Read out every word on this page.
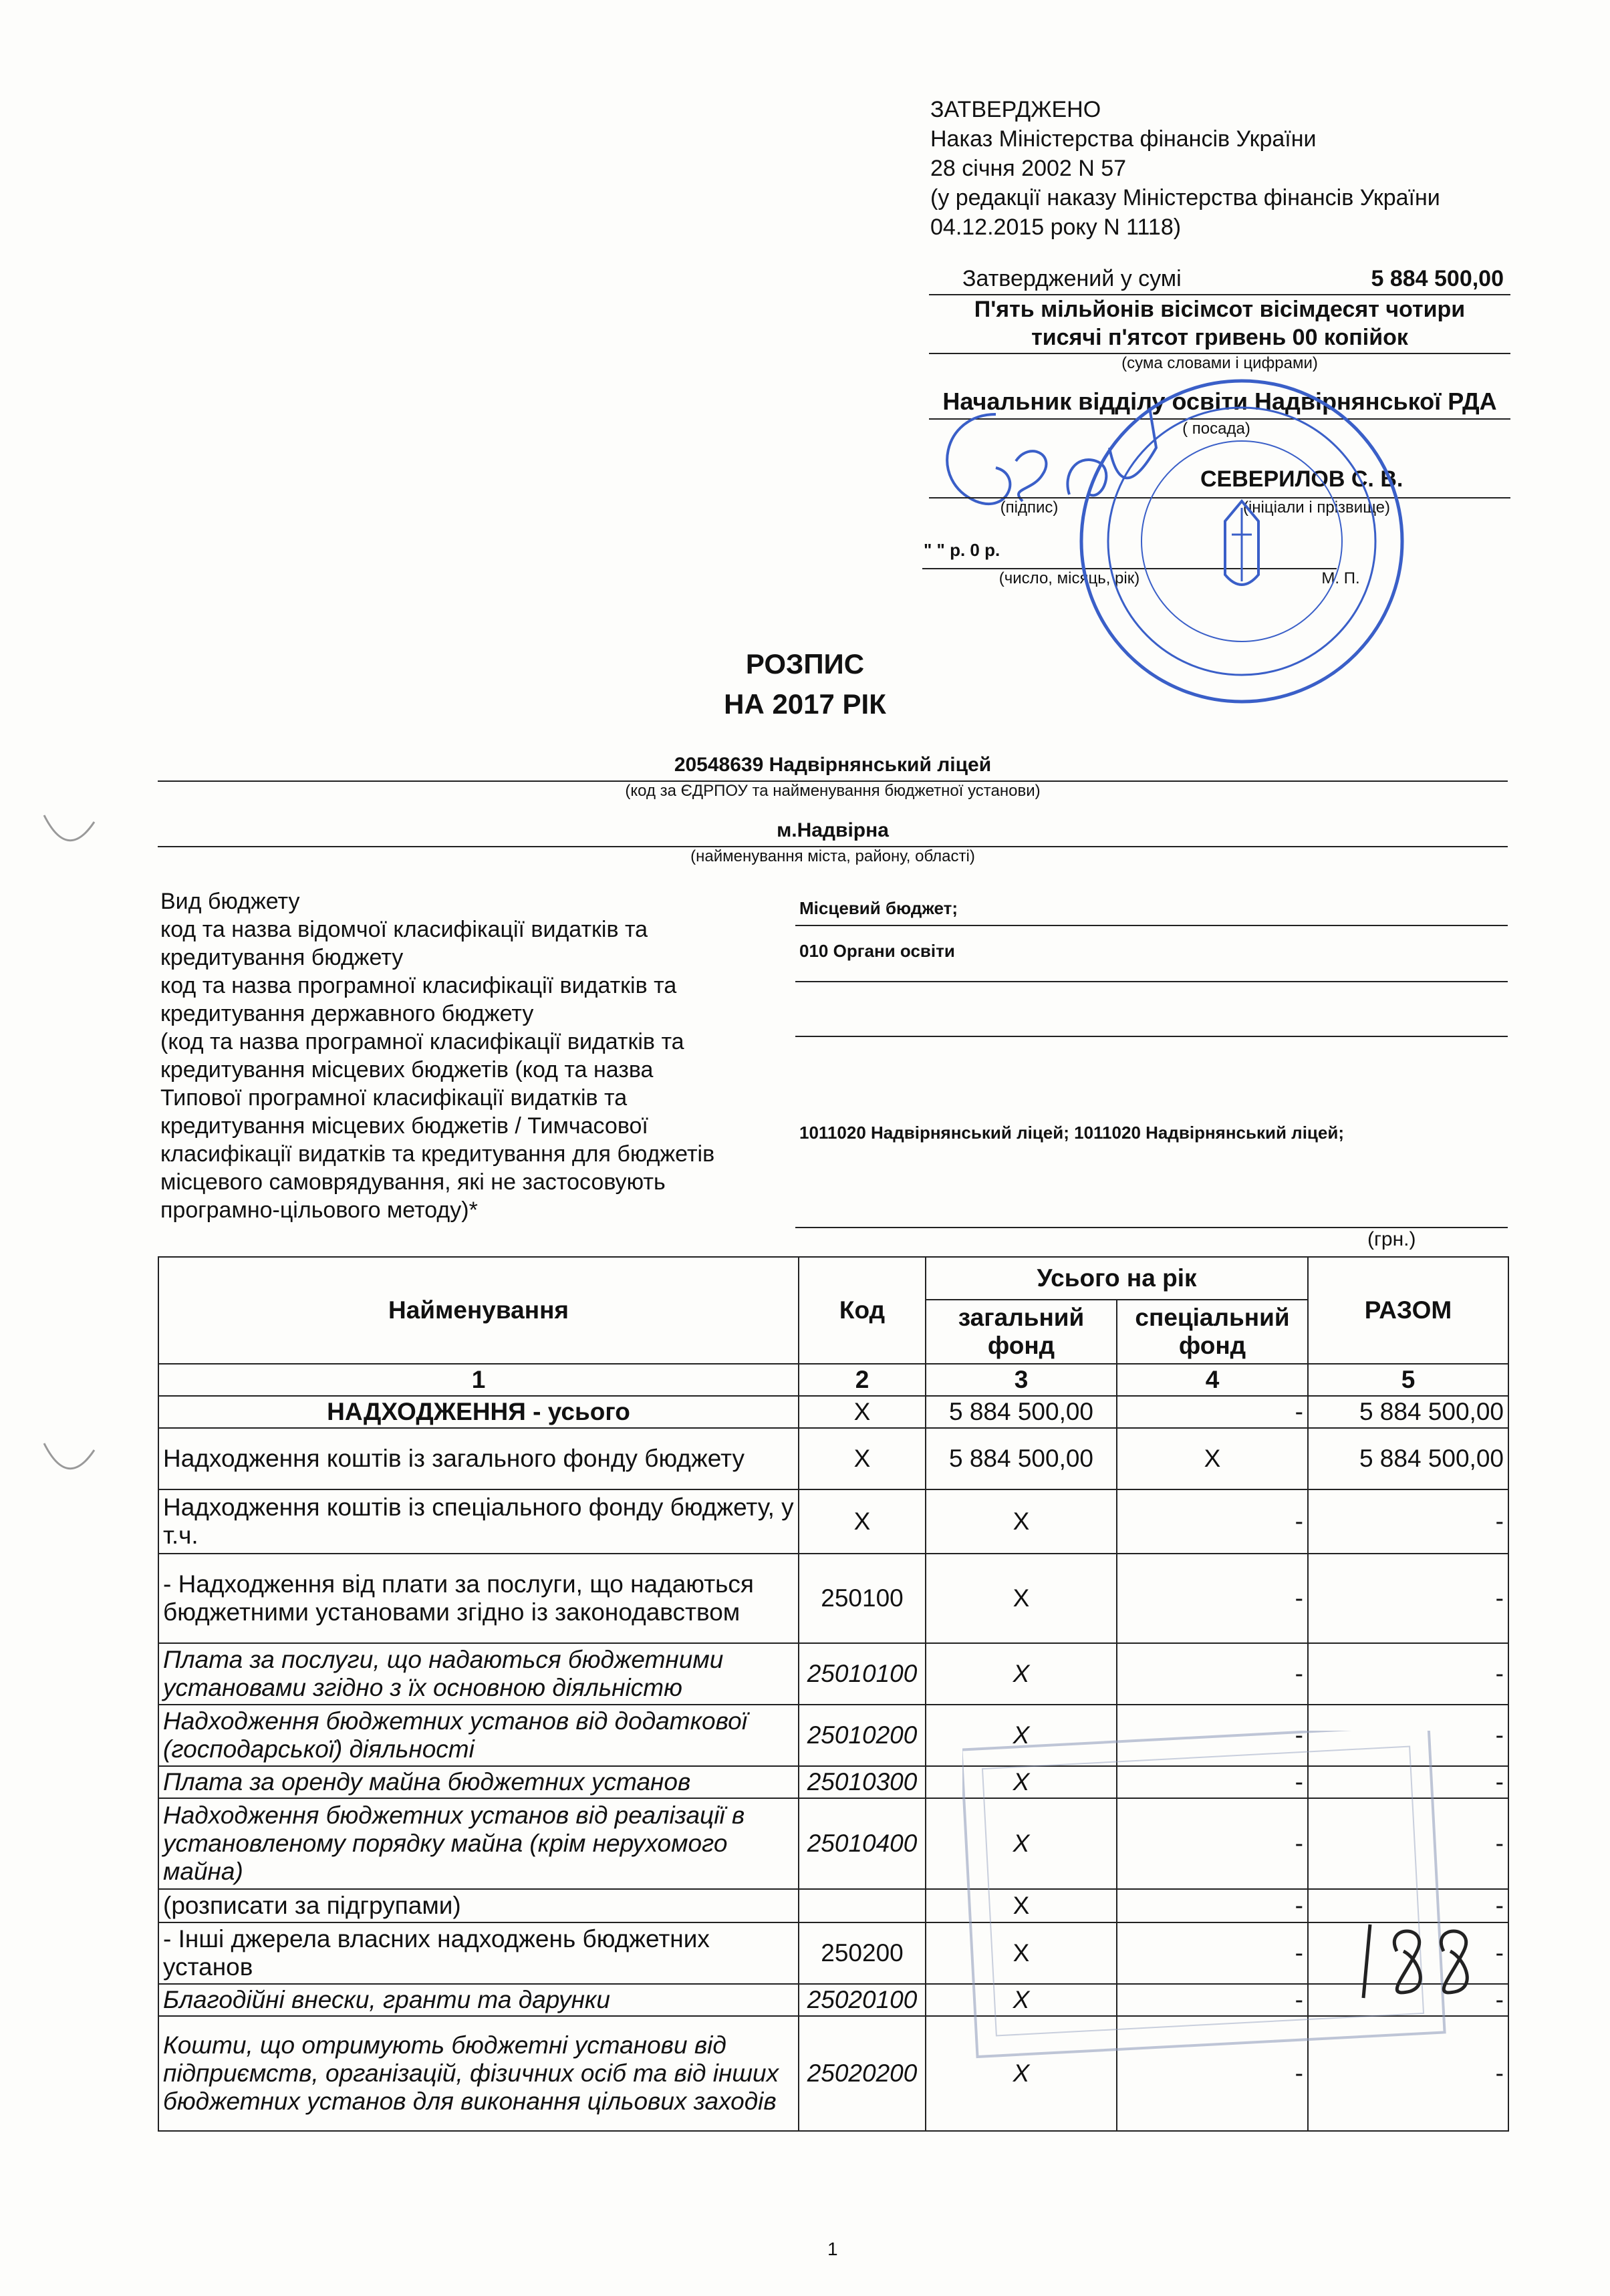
ЗАТВЕРДЖЕНО
Наказ Міністерства фінансів України
28 січня 2002 N 57
(у редакції наказу Міністерства фінансів України
04.12.2015 року N 1118)
Затверджений у сумі	5 884 500,00
П'ять мільйонів вісімсот вісімдесят чотири
тисячі п'ятсот гривень 00 копійок
(сума словами і цифрами)
Начальник відділу освіти Надвірнянської РДА
( посада)
СЕВЕРИЛОВ С. В.
(підпис)	(ініціали і прізвище)
" " р. 0 р.
(число, місяць, рік)	М. П.
РОЗПИС
НА 2017 РІК
20548639 Надвірнянський ліцей
(код за ЄДРПОУ та найменування бюджетної установи)
м.Надвірна
(найменування міста, району, області)
Вид бюджету
код та назва відомчої класифікації видатків та
кредитування бюджету
код та назва програмної класифікації видатків та
кредитування державного бюджету
(код та назва програмної класифікації видатків та
кредитування місцевих бюджетів (код та назва
Типової програмної класифікації видатків та
кредитування місцевих бюджетів / Тимчасової
класифікації видатків та кредитування для бюджетів
місцевого самоврядування, які не застосовують
програмно-цільового методу)*
Місцевий бюджет;
010 Органи освіти
1011020 Надвірнянський ліцей; 1011020 Надвірнянський ліцей;
(грн.)
Найменування	Код	Усього на рік		РАЗОМ
		загальний фонд	спеціальний фонд	
1	2	3	4	5
НАДХОДЖЕННЯ - усього	Х	5 884 500,00	-	5 884 500,00
Надходження коштів із загального фонду бюджету	Х	5 884 500,00	Х	5 884 500,00
Надходження коштів із спеціального фонду бюджету, у т.ч.	Х	Х	-	-
- Надходження від плати за послуги, що надаються бюджетними установами згідно із законодавством	250100	Х	-	-
Плата за послуги, що надаються бюджетними установами згідно з їх основною діяльністю	25010100	Х	-	-
Надходження бюджетних установ від додаткової (господарської) діяльності	25010200	Х	-	-
Плата за оренду майна бюджетних установ	25010300	Х	-	-
Надходження бюджетних установ від реалізації в установленому порядку майна (крім нерухомого майна)	25010400	Х	-	-
(розписати за підгрупами)		Х	-	-
- Інші джерела власних надходжень бюджетних установ	250200	Х	-	-
Благодійні внески, гранти та дарунки	25020100	Х	-	-
Кошти, що отримують бюджетні установи від підприємств, організацій, фізичних осіб та від інших бюджетних установ для виконання цільових заходів	25020200	Х	-	-
1
